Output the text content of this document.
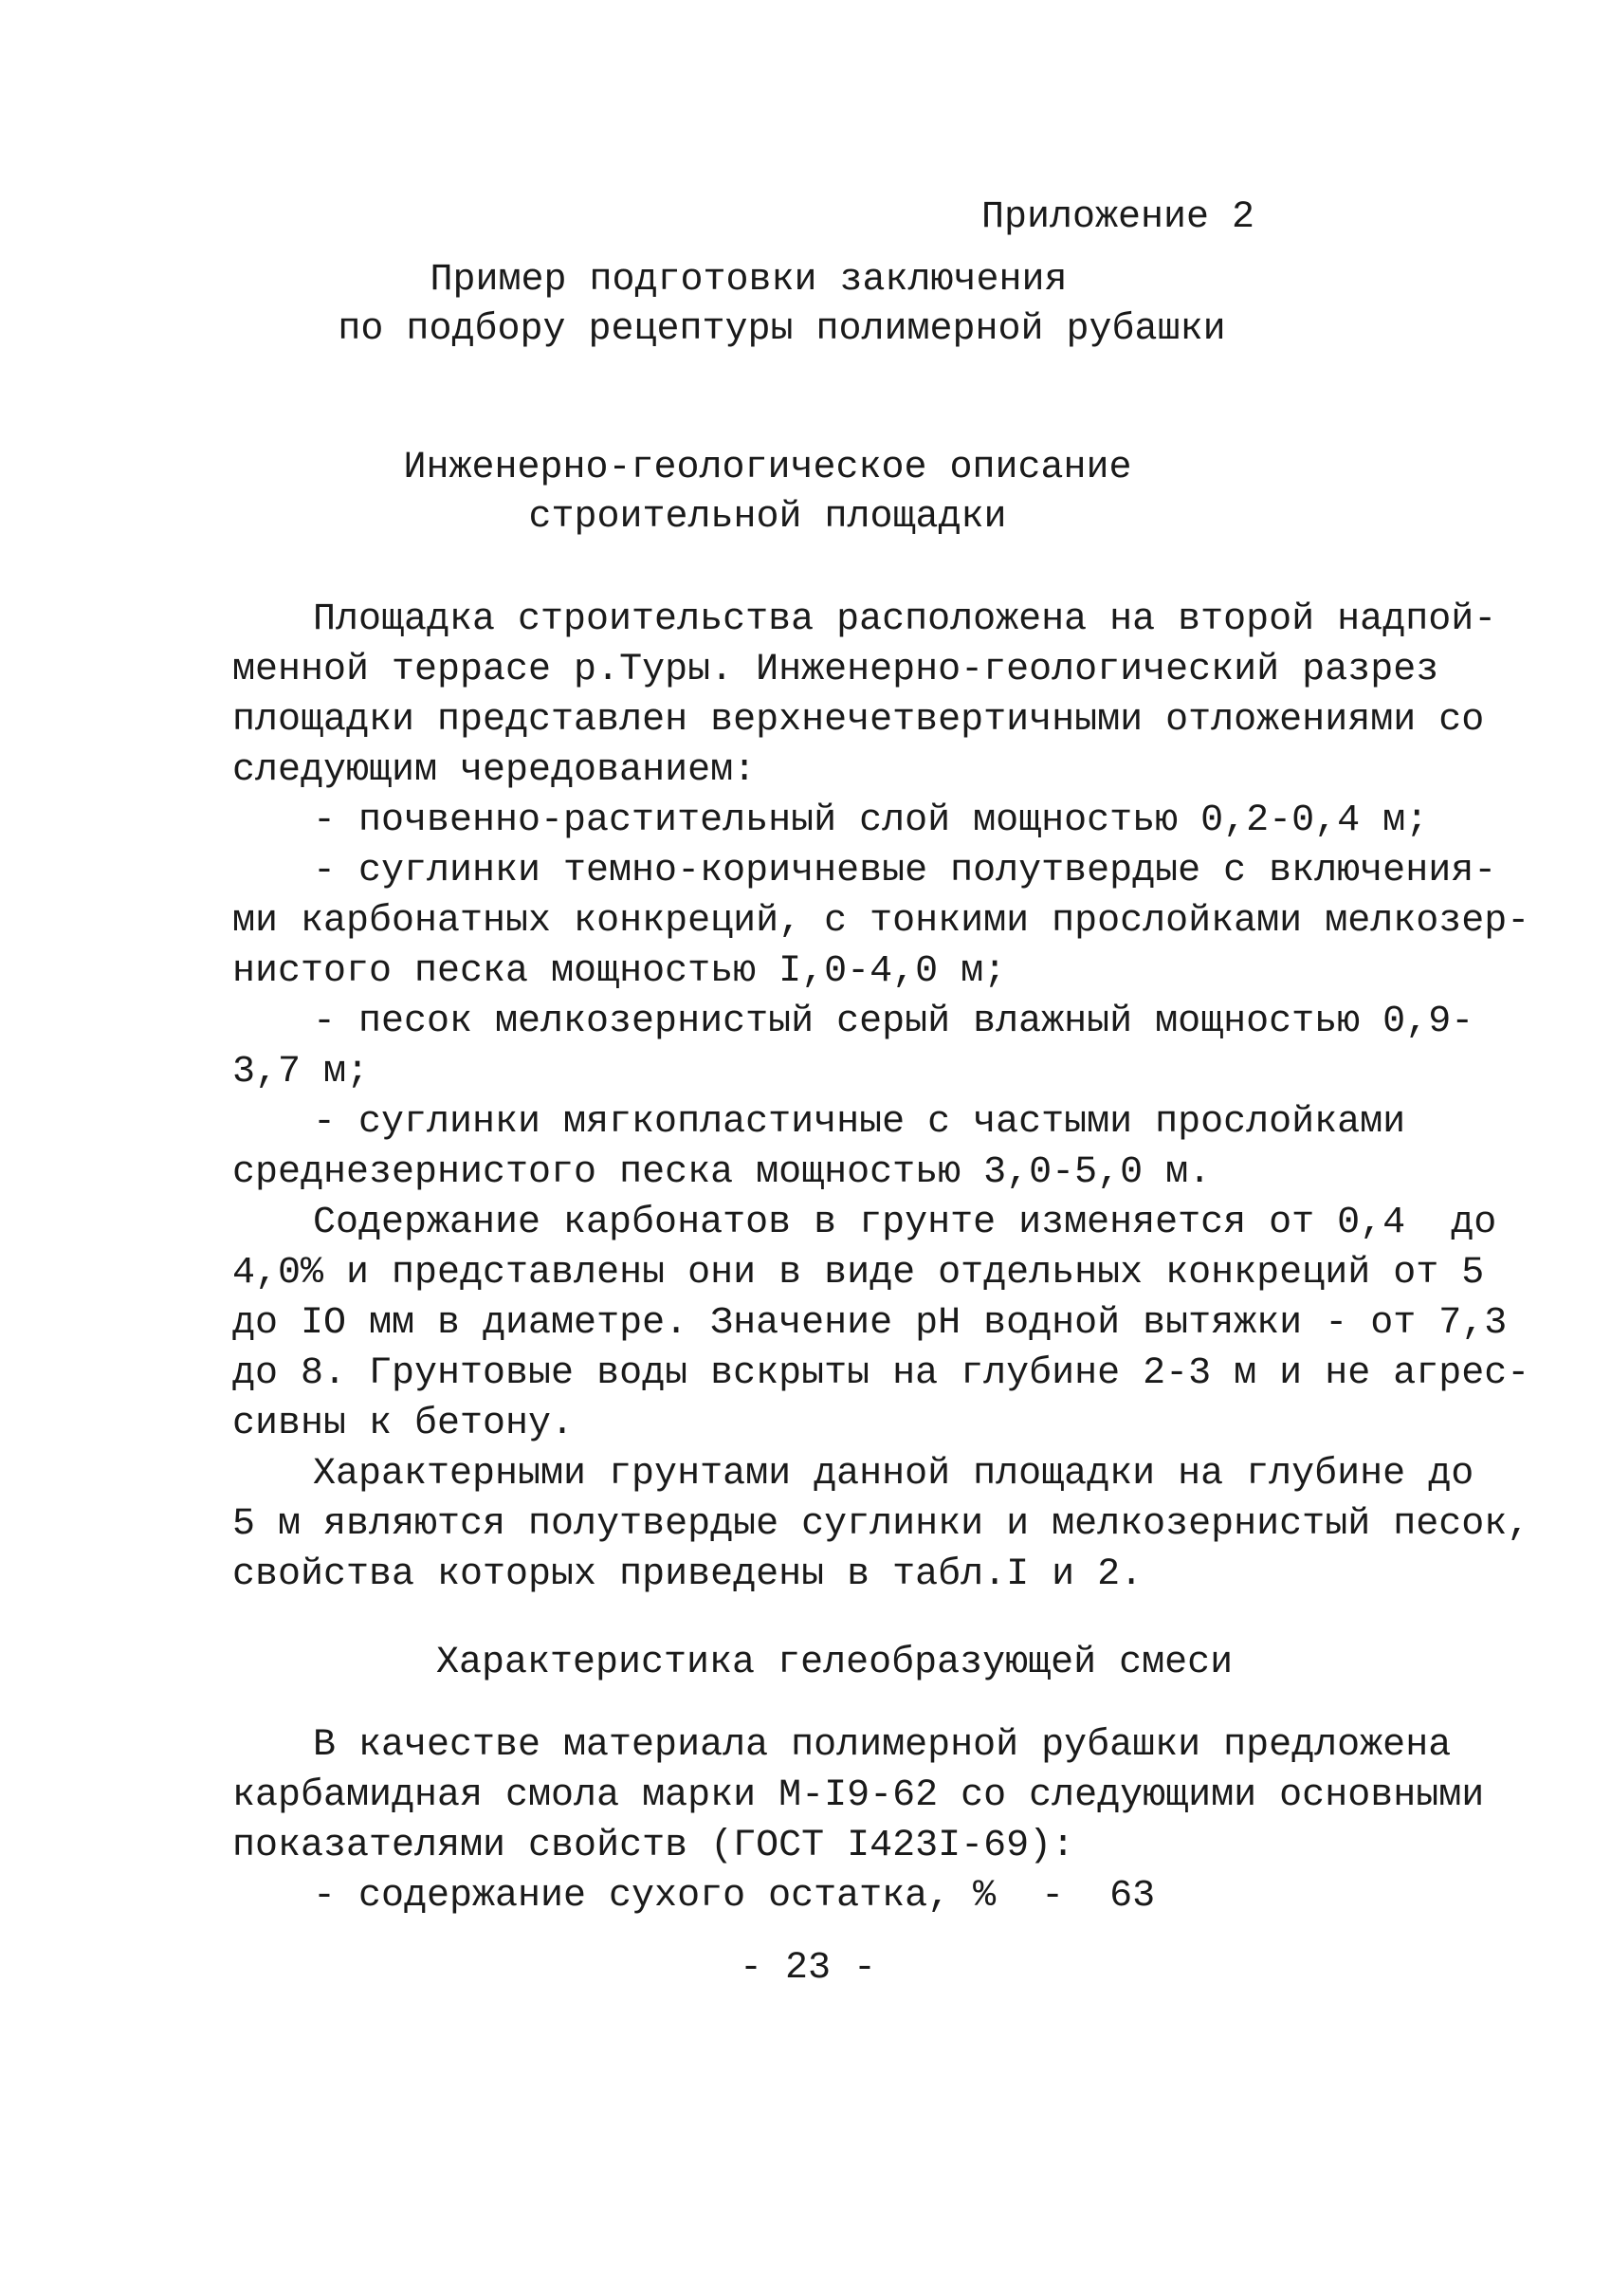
Приложение 2
Пример подготовки заключения
по подбору рецептуры полимерной рубашки
Инженерно-геологическое описание
строительной площадки
Площадка строительства расположена на второй надпой-
менной террасе р.Туры. Инженерно-геологический разрез
площадки представлен верхнечетвертичными отложениями со
следующим чередованием:
- почвенно-растительный слой мощностью 0,2-0,4 м;
- суглинки темно-коричневые полутвердые с включения-
ми карбонатных конкреций, с тонкими прослойками мелкозер-
нистого песка мощностью I,0-4,0 м;
- песок мелкозернистый серый влажный мощностью 0,9-
3,7 м;
- суглинки мягкопластичные с частыми прослойками
среднезернистого песка мощностью 3,0-5,0 м.
Содержание карбонатов в грунте изменяется от 0,4  до
4,0% и представлены они в виде отдельных конкреций от 5
до IO мм в диаметре. Значение pH водной вытяжки - от 7,3
до 8. Грунтовые воды вскрыты на глубине 2-3 м и не агрес-
сивны к бетону.
Характерными грунтами данной площадки на глубине до
5 м являются полутвердые суглинки и мелкозернистый песок,
свойства которых приведены в табл.I и 2.
Характеристика гелеобразующей смеси
В качестве материала полимерной рубашки предложена
карбамидная смола марки М-I9-62 со следующими основными
показателями свойств (ГОСТ I423I-69):
- содержание сухого остатка, %  -  63
- 23 -
